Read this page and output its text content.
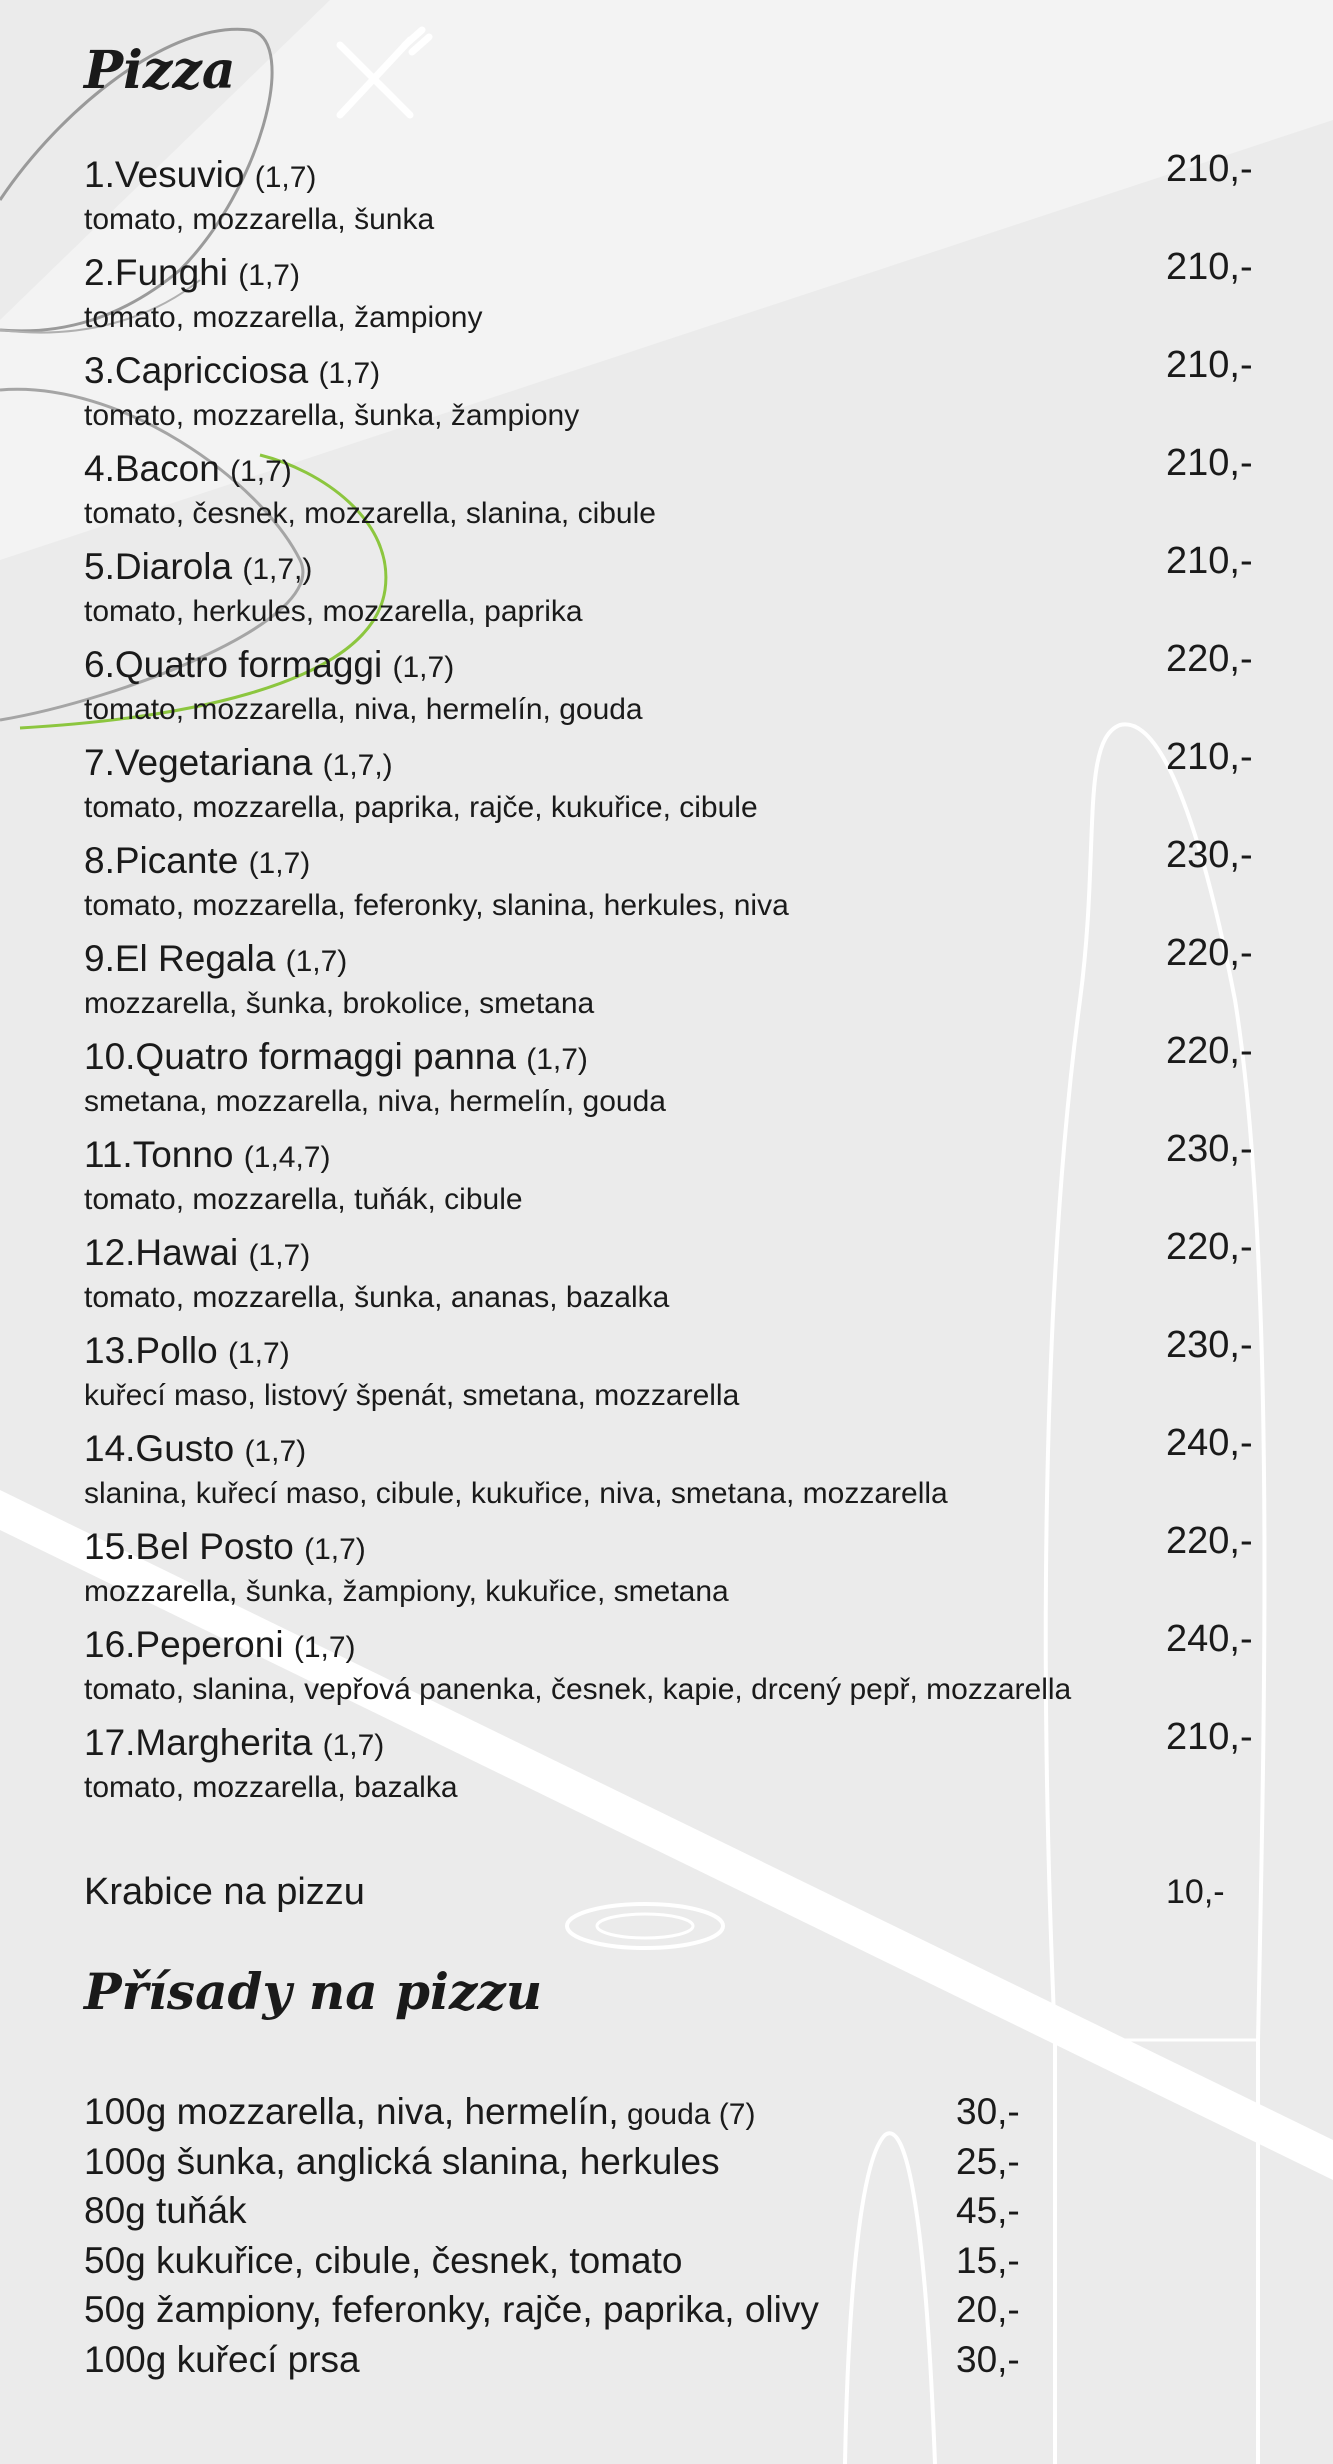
Pizza
1.Vesuvio (1,7)
tomato, mozzarella, šunka
210,-
2.Funghi (1,7)
tomato, mozzarella, žampiony
210,-
3.Capricciosa (1,7)
tomato, mozzarella, šunka, žampiony
210,-
4.Bacon (1,7)
tomato, česnek, mozzarella, slanina, cibule
210,-
5.Diarola (1,7,)
tomato, herkules, mozzarella, paprika
210,-
6.Quatro formaggi (1,7)
tomato, mozzarella, niva, hermelín, gouda
220,-
7.Vegetariana (1,7,)
tomato, mozzarella, paprika, rajče, kukuřice, cibule
210,-
8.Picante (1,7)
tomato, mozzarella, feferonky, slanina, herkules, niva
230,-
9.El Regala (1,7)
mozzarella, šunka, brokolice, smetana
220,-
10.Quatro formaggi panna (1,7)
smetana, mozzarella, niva, hermelín, gouda
220,-
11.Tonno (1,4,7)
tomato, mozzarella, tuňák, cibule
230,-
12.Hawai (1,7)
tomato, mozzarella, šunka, ananas, bazalka
220,-
13.Pollo (1,7)
kuřecí maso, listový špenát, smetana, mozzarella
230,-
14.Gusto (1,7)
slanina, kuřecí maso, cibule, kukuřice, niva, smetana, mozzarella
240,-
15.Bel Posto (1,7)
mozzarella, šunka, žampiony, kukuřice, smetana
220,-
16.Peperoni (1,7)
tomato, slanina, vepřová panenka, česnek, kapie, drcený pepř, mozzarella
240,-
17.Margherita (1,7)
tomato, mozzarella, bazalka
210,-
Krabice na pizzu	10,-
Přísady na pizzu
100g mozzarella, niva, hermelín, gouda (7)	30,-
100g šunka, anglická slanina, herkules	25,-
80g tuňák	45,-
50g kukuřice, cibule, česnek, tomato	15,-
50g žampiony, feferonky, rajče, paprika, olivy	20,-
100g kuřecí prsa	30,-
